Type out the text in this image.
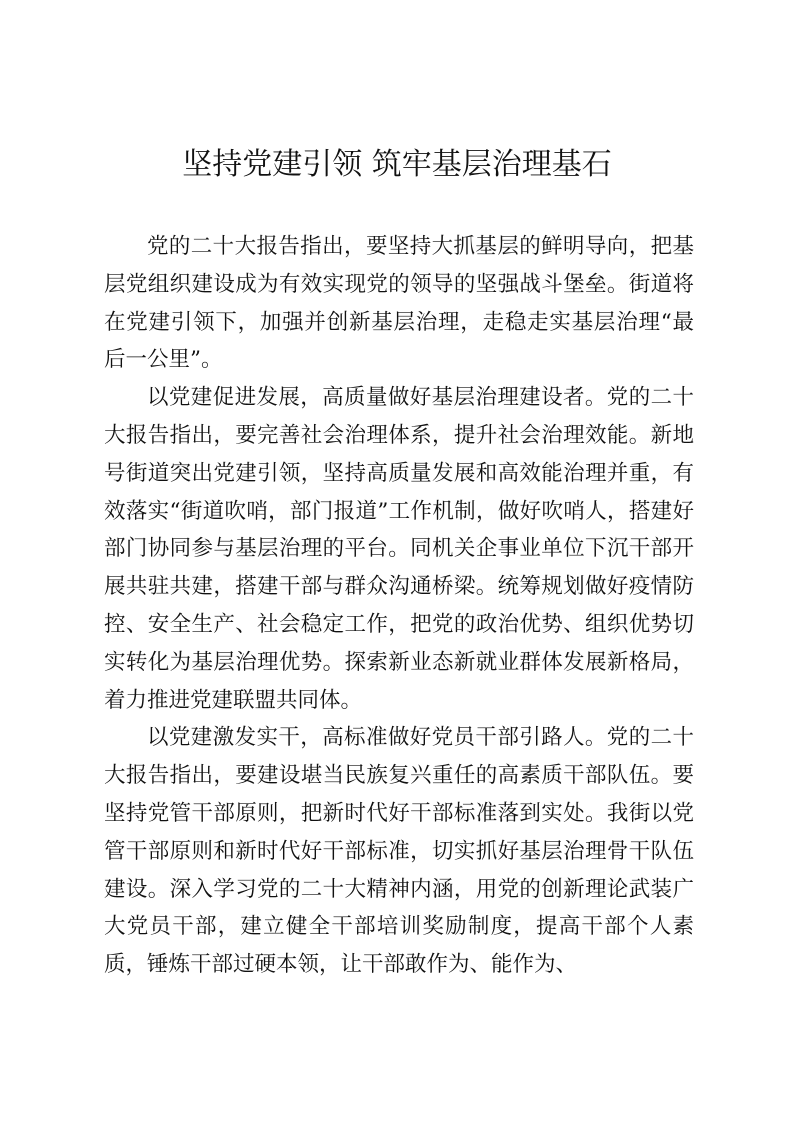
坚持党建引领 筑牢基层治理基石

党的二十大报告指出，要坚持大抓基层的鲜明导向，把基层党组织建设成为有效实现党的领导的坚强战斗堡垒。街道将在党建引领下，加强并创新基层治理，走稳走实基层治理“最后一公里”。

以党建促进发展，高质量做好基层治理建设者。党的二十大报告指出，要完善社会治理体系，提升社会治理效能。新地号街道突出党建引领，坚持高质量发展和高效能治理并重，有效落实“街道吹哨，部门报道”工作机制，做好吹哨人，搭建好部门协同参与基层治理的平台。同机关企事业单位下沉干部开展共驻共建，搭建干部与群众沟通桥梁。统筹规划做好疫情防控、安全生产、社会稳定工作，把党的政治优势、组织优势切实转化为基层治理优势。探索新业态新就业群体发展新格局，着力推进党建联盟共同体。

以党建激发实干，高标准做好党员干部引路人。党的二十大报告指出，要建设堪当民族复兴重任的高素质干部队伍。要坚持党管干部原则，把新时代好干部标准落到实处。我街以党管干部原则和新时代好干部标准，切实抓好基层治理骨干队伍建设。深入学习党的二十大精神内涵，用党的创新理论武装广大党员干部，建立健全干部培训奖励制度，提高干部个人素质，锤炼干部过硬本领，让干部敢作为、能作为、
